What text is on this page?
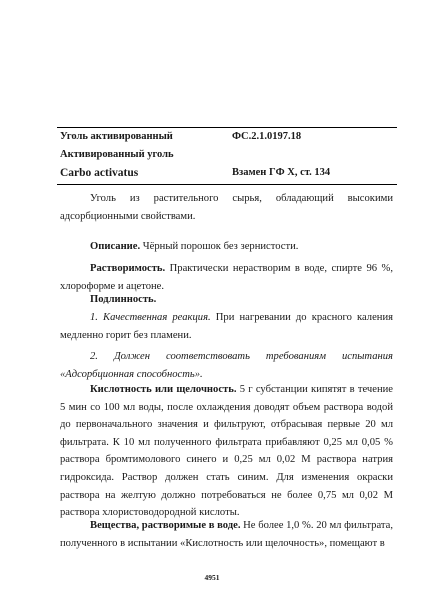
Уголь активированный	ФС.2.1.0197.18
Активированный уголь
Carbo activatus	Взамен ГФ X, ст. 134
Уголь из растительного сырья, обладающий высокими адсорбционными свойствами.
Описание. Чёрный порошок без зернистости.
Растворимость. Практически нерастворим в воде, спирте 96 %, хлороформе и ацетоне.
Подлинность.
1. Качественная реакция. При нагревании до красного каления медленно горит без пламени.
2. Должен соответствовать требованиям испытания «Адсорбционная способность».
Кислотность или щелочность. 5 г субстанции кипятят в течение 5 мин со 100 мл воды, после охлаждения доводят объем раствора водой до первоначального значения и фильтруют, отбрасывая первые 20 мл фильтрата. К 10 мл полученного фильтрата прибавляют 0,25 мл 0,05 % раствора бромтимолового синего и 0,25 мл 0,02 М раствора натрия гидроксида. Раствор должен стать синим. Для изменения окраски раствора на желтую должно потребоваться не более 0,75 мл 0,02 М раствора хлористоводородной кислоты.
Вещества, растворимые в воде. Не более 1,0 %. 20 мл фильтрата, полученного в испытании «Кислотность или щелочность», помещают в
4951
